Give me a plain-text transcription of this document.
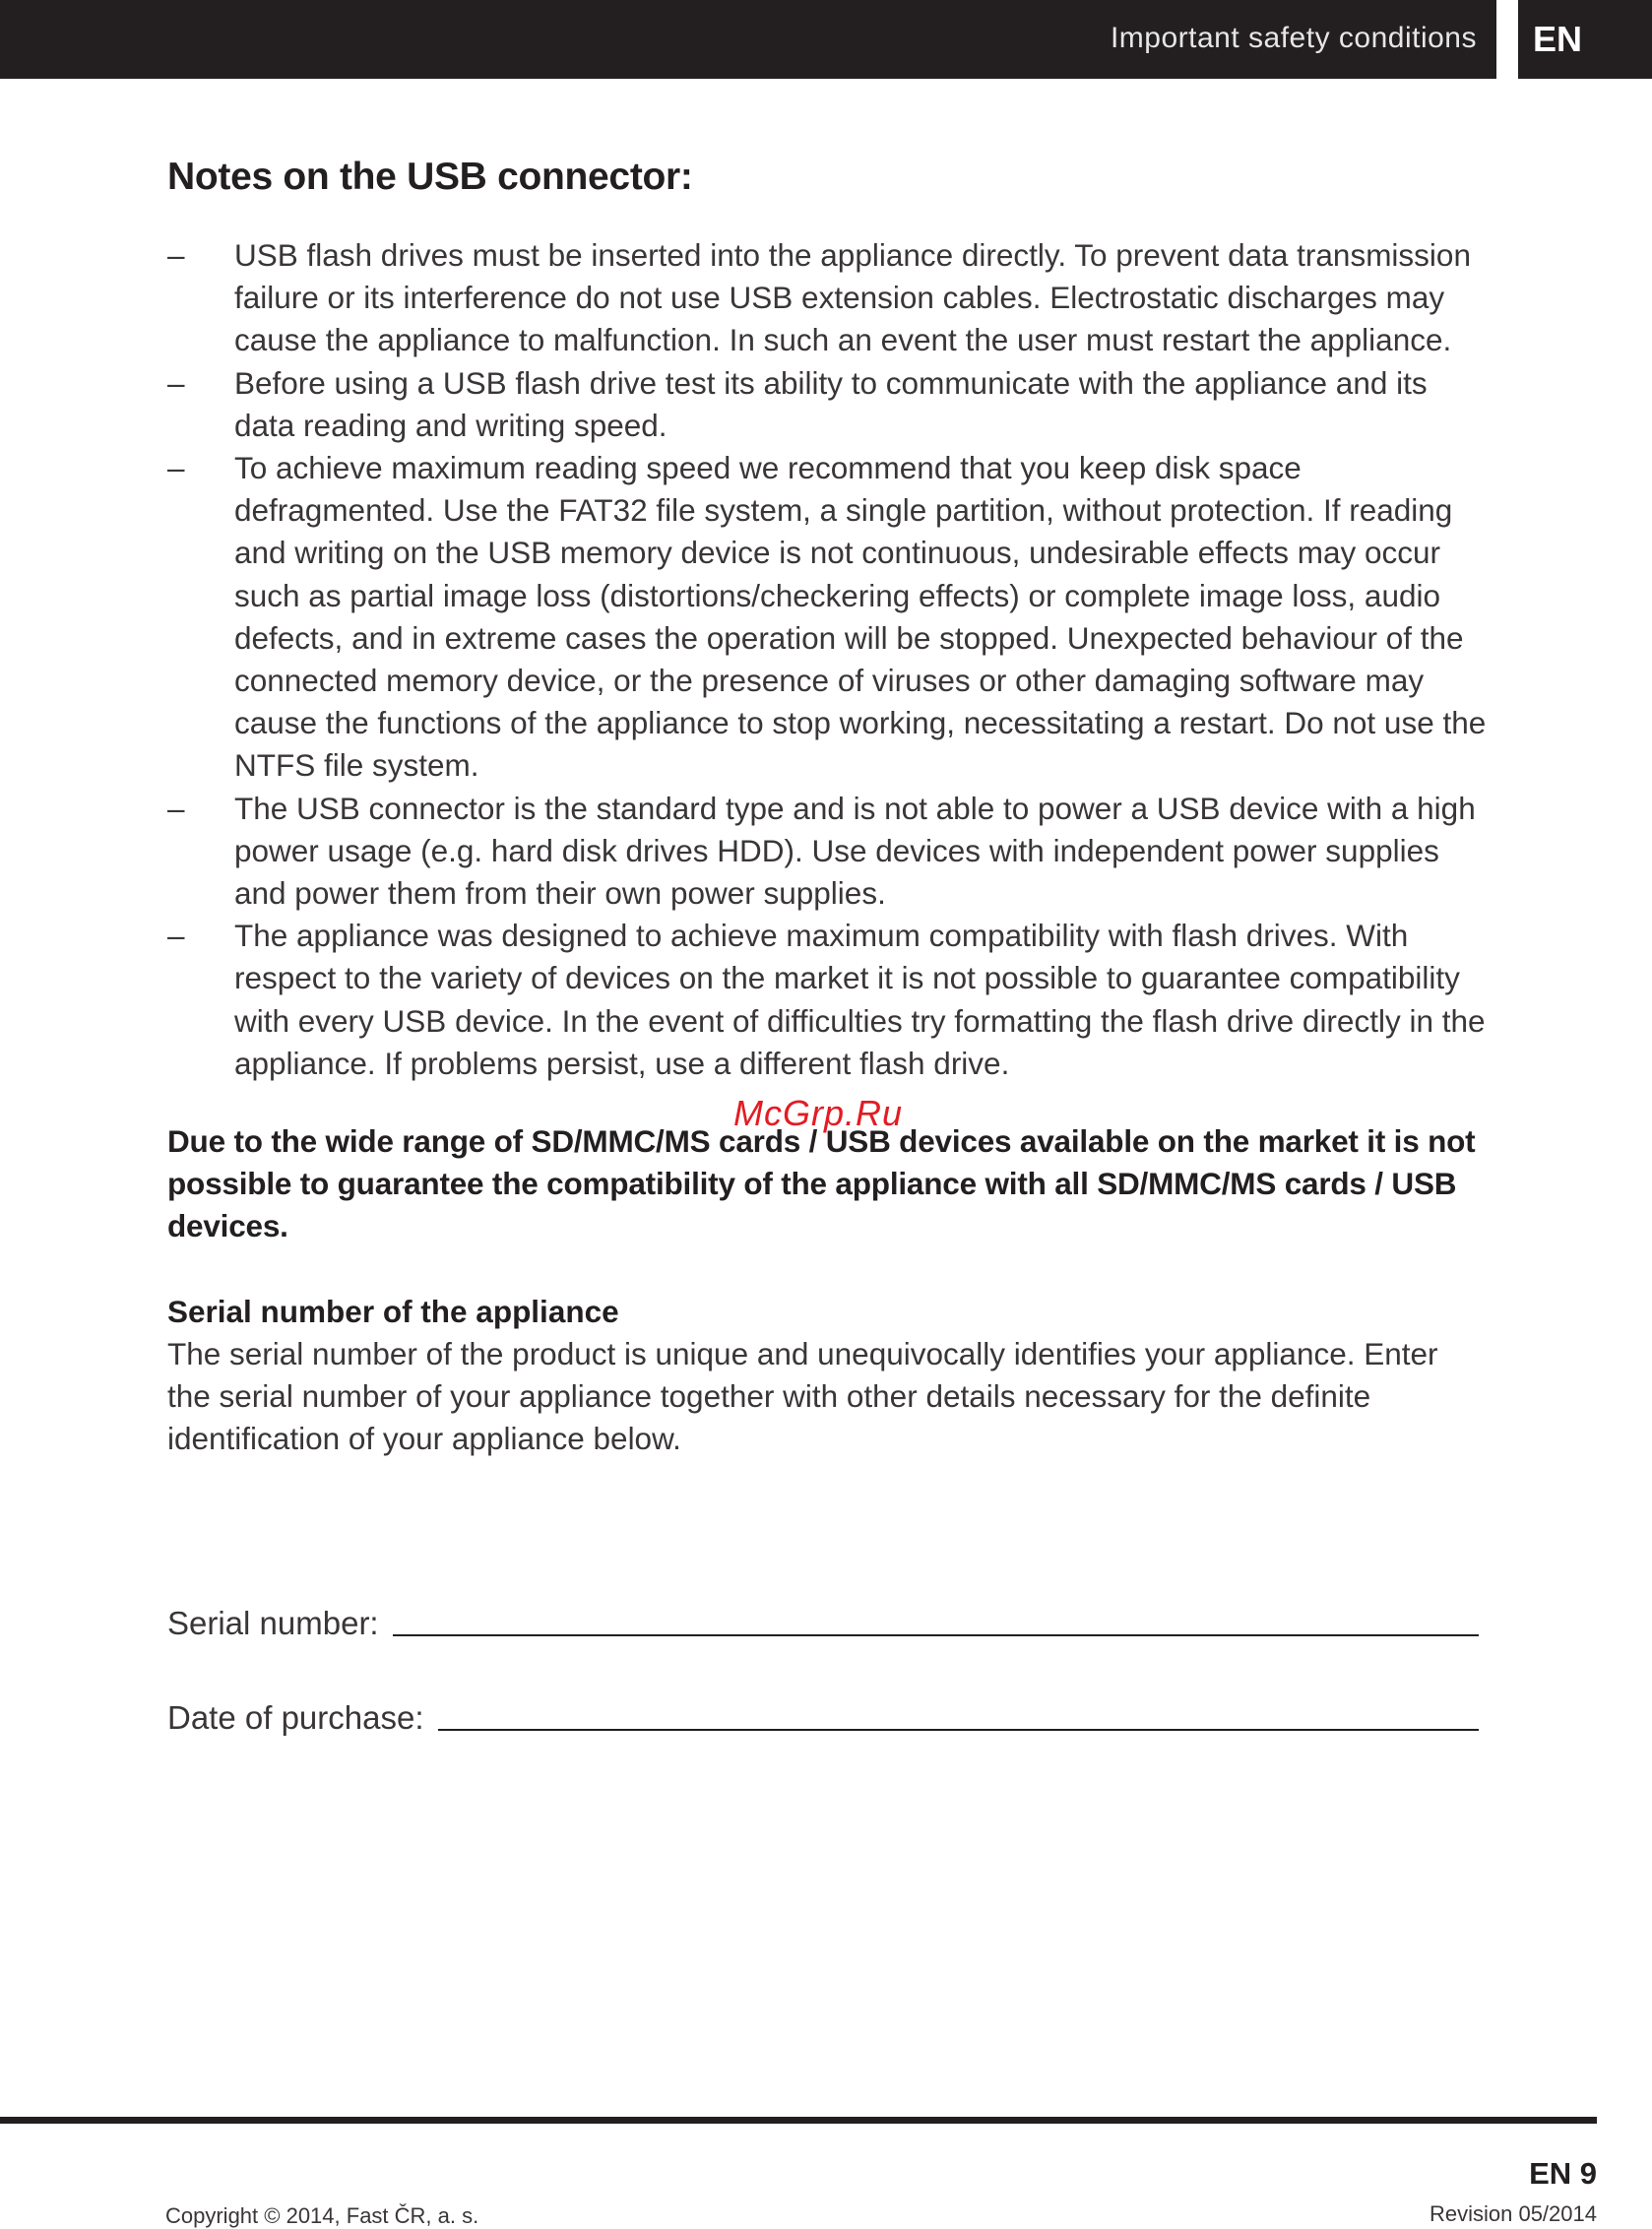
Important safety conditions	EN
Notes on the USB connector:
–	USB flash drives must be inserted into the appliance directly. To prevent data transmission failure or its interference do not use USB extension cables. Electrostatic discharges may cause the appliance to malfunction. In such an event the user must restart the appliance.
–	Before using a USB flash drive test its ability to communicate with the appliance and its data reading and writing speed.
–	To achieve maximum reading speed we recommend that you keep disk space defragmented. Use the FAT32 file system, a single partition, without protection. If reading and writing on the USB memory device is not continuous, undesirable effects may occur such as partial image loss (distortions/checkering effects) or complete image loss, audio defects, and in extreme cases the operation will be stopped. Unexpected behaviour of the connected memory device, or the presence of viruses or other damaging software may cause the functions of the appliance to stop working, necessitating a restart. Do not use the NTFS file system.
–	The USB connector is the standard type and is not able to power a USB device with a high power usage (e.g. hard disk drives HDD). Use devices with independent power supplies and power them from their own power supplies.
–	The appliance was designed to achieve maximum compatibility with flash drives. With respect to the variety of devices on the market it is not possible to guarantee compatibility with every USB device. In the event of difficulties try formatting the flash drive directly in the appliance. If problems persist, use a different flash drive.
Due to the wide range of SD/MMC/MS cards / USB devices available on the market it is not possible to guarantee the compatibility of the appliance with all SD/MMC/MS cards / USB devices.
Serial number of the appliance
The serial number of the product is unique and unequivocally identifies your appliance. Enter the serial number of your appliance together with other details necessary for the definite identification of your appliance below.
Serial number:
Date of purchase:
McGrp.Ru
EN 9
Revision 05/2014
Copyright © 2014, Fast ČR, a. s.
